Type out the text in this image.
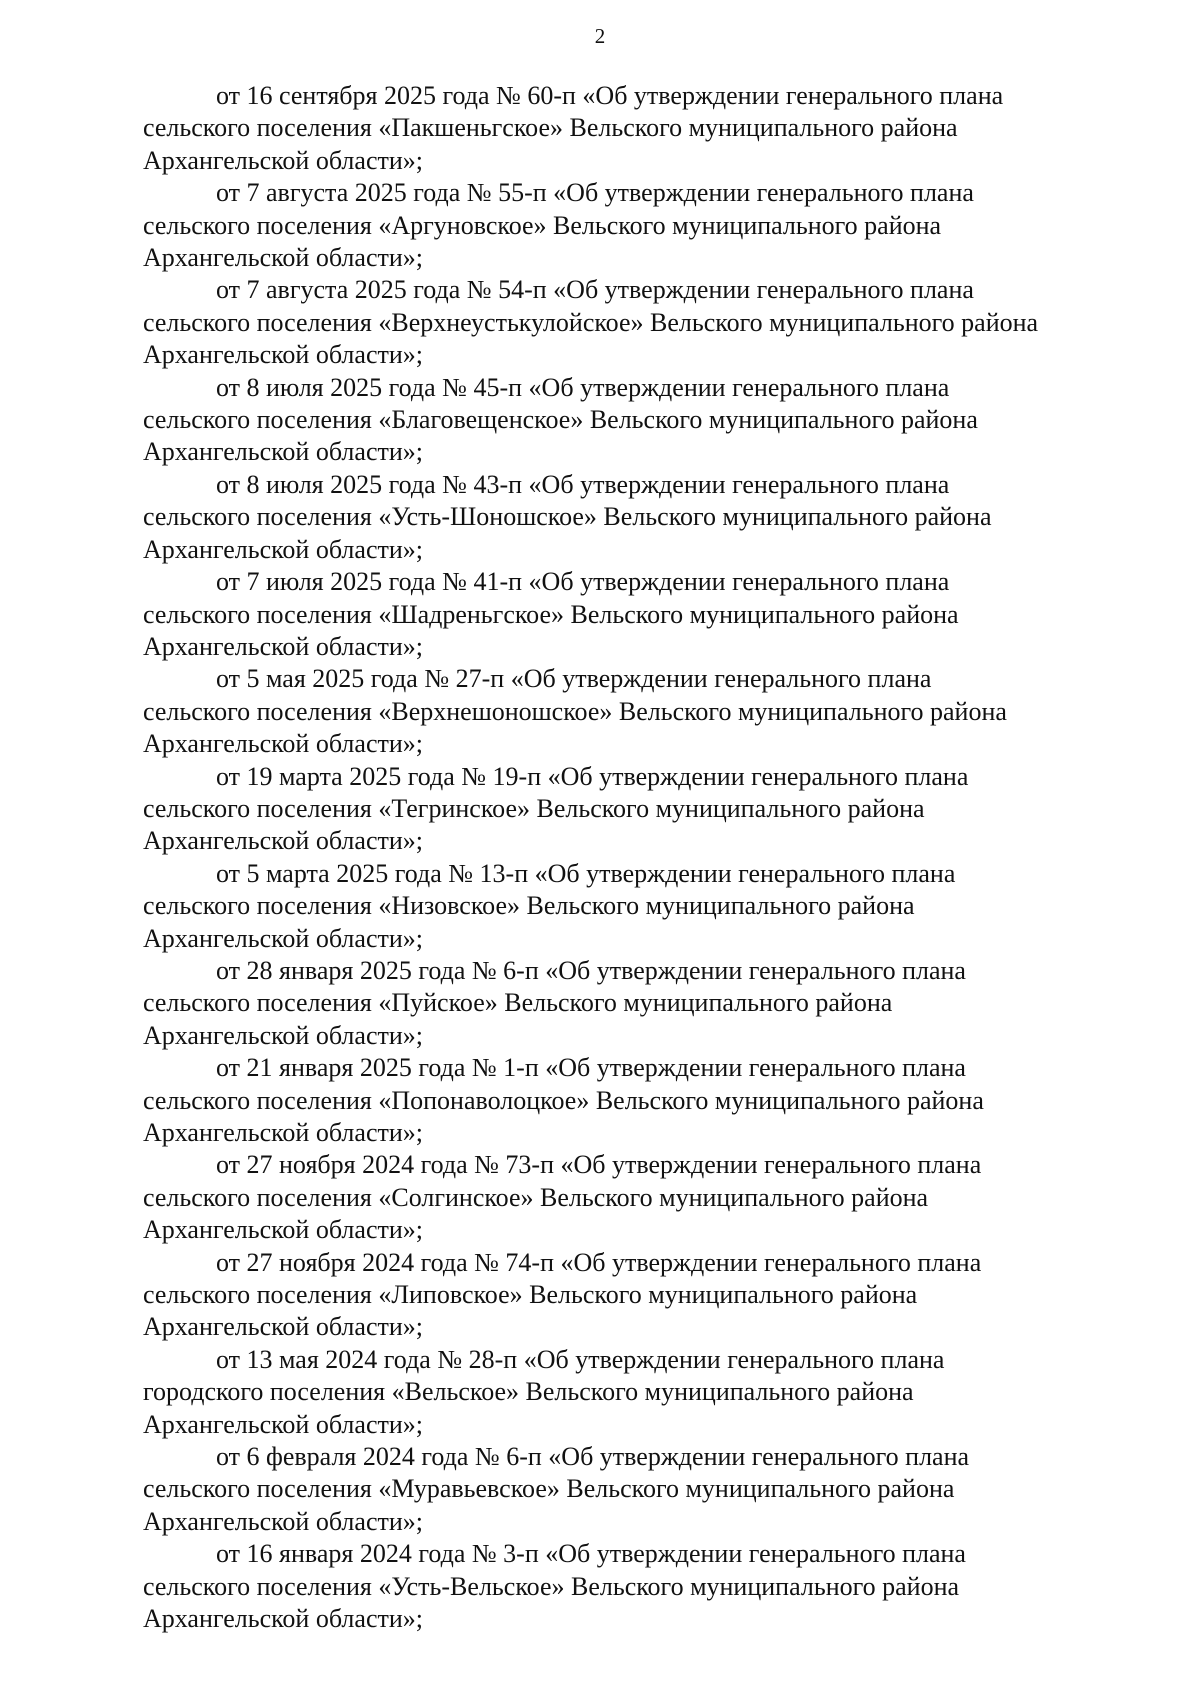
2

от 16 сентября 2025 года № 60-п «Об утверждении генерального плана
сельского поселения «Пакшеньгское» Вельского муниципального района
Архангельской области»;

от 7 августа 2025 года № 55-п «Об утверждении генерального плана
сельского поселения «Аргуновское» Вельского муниципального района
Архангельской области»;

от 7 августа 2025 года № 54-п «Об утверждении генерального плана
сельского поселения «Верхнеустькулойское» Вельского муниципального района
Архангельской области»;

от 8 июля 2025 года № 45-п «Об утверждении генерального плана
сельского поселения «Благовещенское» Вельского муниципального района
Архангельской области»;

от 8 июля 2025 года № 43-п «Об утверждении генерального плана
сельского поселения «Усть-Шоношское» Вельского муниципального района
Архангельской области»;

от 7 июля 2025 года № 41-п «Об утверждении генерального плана
сельского поселения «Шадреньгское» Вельского муниципального района
Архангельской области»;

от 5 мая 2025 года № 27-п «Об утверждении генерального плана
сельского поселения «Верхнешоношское» Вельского муниципального района
Архангельской области»;

от 19 марта 2025 года № 19-п «Об утверждении генерального плана
сельского поселения «Тегринское» Вельского муниципального района
Архангельской области»;

от 5 марта 2025 года № 13-п «Об утверждении генерального плана
сельского поселения «Низовское» Вельского муниципального района
Архангельской области»;

от 28 января 2025 года № 6-п «Об утверждении генерального плана
сельского поселения «Пуйское» Вельского муниципального района
Архангельской области»;

от 21 января 2025 года № 1-п «Об утверждении генерального плана
сельского поселения «Попонаволоцкое» Вельского муниципального района
Архангельской области»;

от 27 ноября 2024 года № 73-п «Об утверждении генерального плана
сельского поселения «Солгинское» Вельского муниципального района
Архангельской области»;

от 27 ноября 2024 года № 74-п «Об утверждении генерального плана
сельского поселения «Липовское» Вельского муниципального района
Архангельской области»;

от 13 мая 2024 года № 28-п «Об утверждении генерального плана
городского поселения «Вельское» Вельского муниципального района
Архангельской области»;

от 6 февраля 2024 года № 6-п «Об утверждении генерального плана
сельского поселения «Муравьевское» Вельского муниципального района
Архангельской области»;

от 16 января 2024 года № 3-п «Об утверждении генерального плана
сельского поселения «Усть-Вельское» Вельского муниципального района
Архангельской области»;
